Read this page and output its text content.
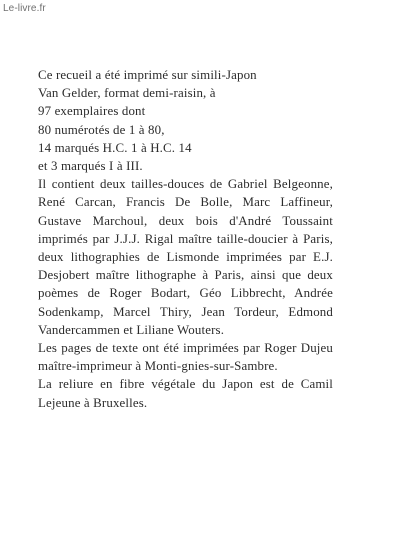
Le-livre.fr
Ce recueil a été imprimé sur simili-Japon
Van Gelder, format demi-raisin, à
97 exemplaires dont
80 numérotés de 1 à 80,
14 marqués H.C. 1 à H.C. 14
et 3 marqués I à III.

Il contient deux tailles-douces de Gabriel Belgeonne, René Carcan, Francis De Bolle, Marc Laffineur, Gustave Marchoul, deux bois d'André Toussaint imprimés par J.J.J. Rigal maître taille-doucier à Paris, deux lithographies de Lismonde imprimées par E.J. Desjobert maître lithographe à Paris, ainsi que deux poèmes de Roger Bodart, Géo Libbrecht, Andrée Sodenkamp, Marcel Thiry, Jean Tordeur, Edmond Vandercammen et Liliane Wouters.

Les pages de texte ont été imprimées par Roger Dujeu maître-imprimeur à Monti-gnies-sur-Sambre.

La reliure en fibre végétale du Japon est de Camil Lejeune à Bruxelles.
